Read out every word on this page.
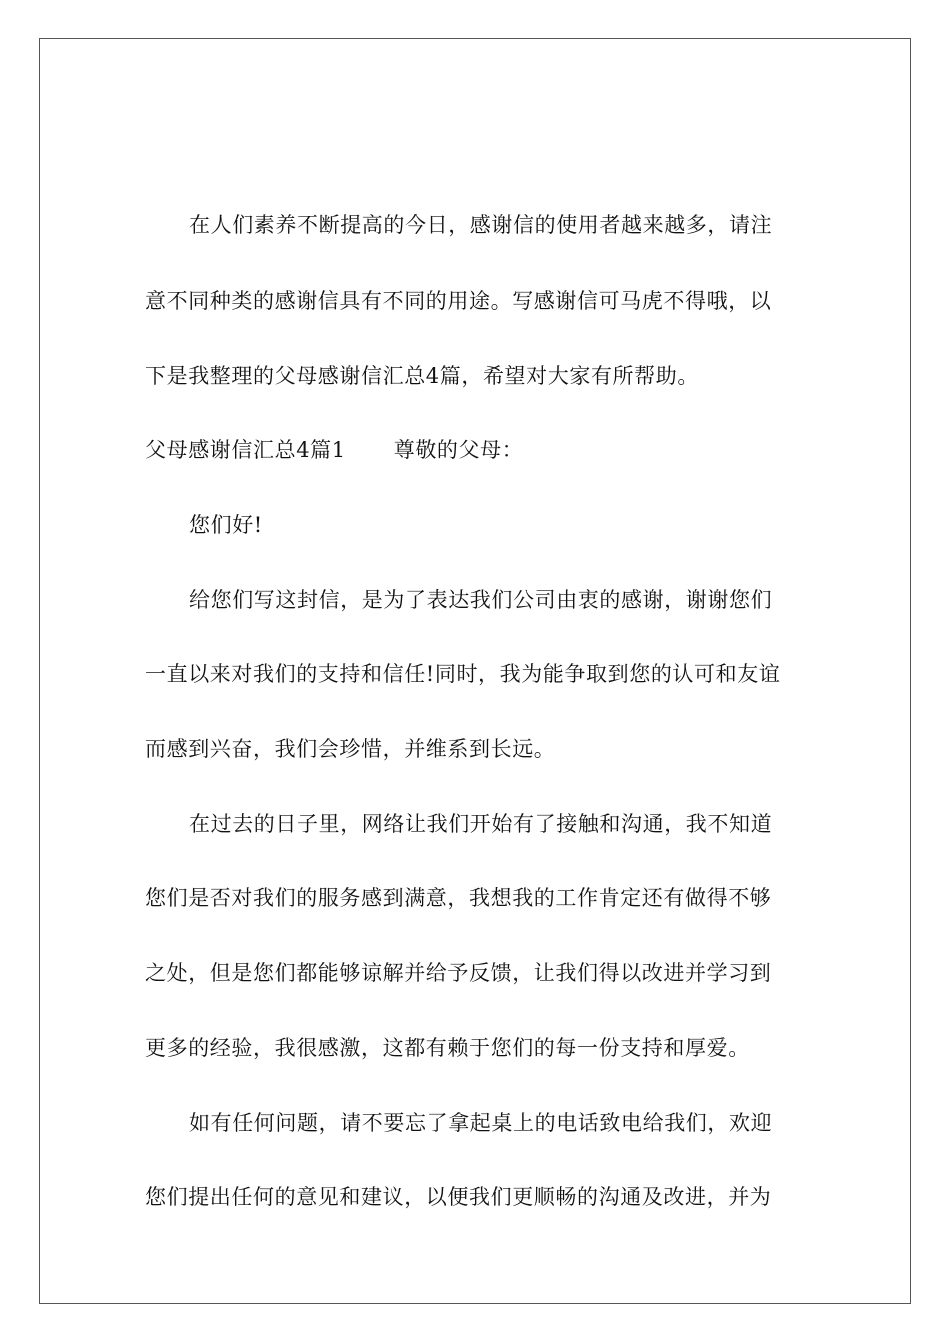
在人们素养不断提高的今日，感谢信的使用者越来越多，请注
意不同种类的感谢信具有不同的用途。写感谢信可马虎不得哦，以
下是我整理的父母感谢信汇总4篇，希望对大家有所帮助。
父母感谢信汇总4篇1 尊敬的父母：
您们好!
给您们写这封信，是为了表达我们公司由衷的感谢，谢谢您们
一直以来对我们的支持和信任!同时，我为能争取到您的认可和友谊
而感到兴奋，我们会珍惜，并维系到长远。
在过去的日子里，网络让我们开始有了接触和沟通，我不知道
您们是否对我们的服务感到满意，我想我的工作肯定还有做得不够
之处，但是您们都能够谅解并给予反馈，让我们得以改进并学习到
更多的经验，我很感激，这都有赖于您们的每一份支持和厚爱。
如有任何问题，请不要忘了拿起桌上的电话致电给我们，欢迎
您们提出任何的意见和建议，以便我们更顺畅的沟通及改进，并为
